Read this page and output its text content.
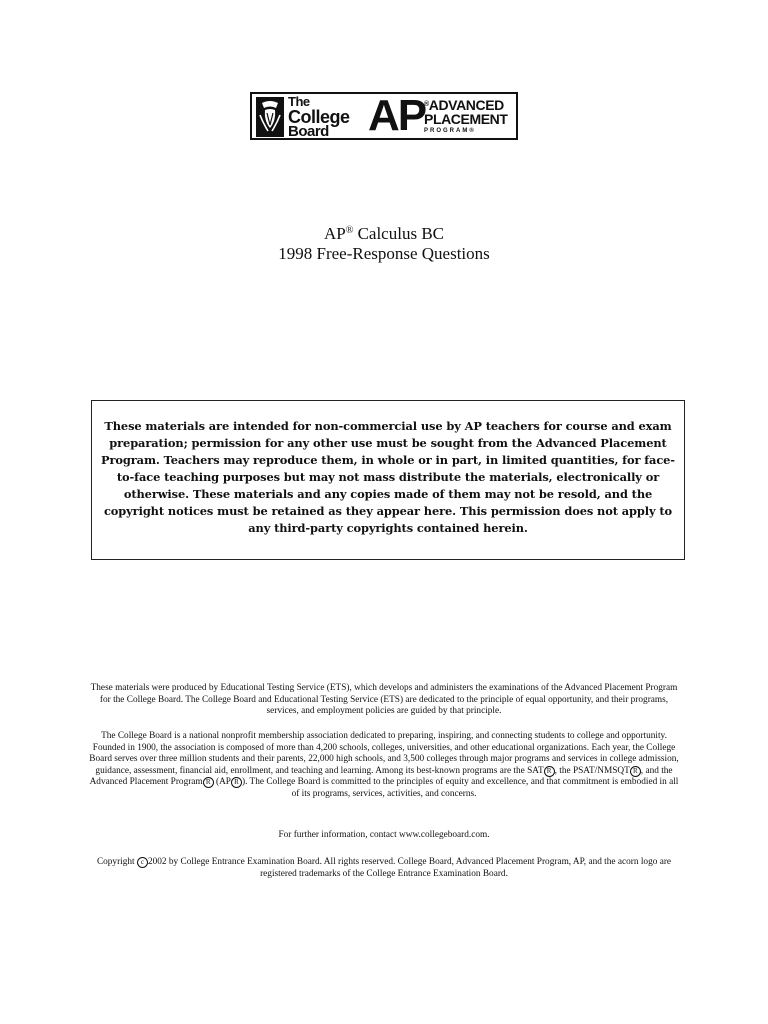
The
College
Board AP
®ADVANCED
PLACEMENT
PROGRAM®
AP® Calculus BC
1998 Free-Response Questions

These materials are intended for non-commercial use by AP teachers for course and exam preparation; permission for any other use must be sought from the Advanced Placement Program. Teachers may reproduce them, in whole or in part, in limited quantities, for face-to-face teaching purposes but may not mass distribute the materials, electronically or otherwise. These materials and any copies made of them may not be resold, and the copyright notices must be retained as they appear here. This permission does not apply to any third-party copyrights contained herein.

These materials were produced by Educational Testing Service (ETS), which develops and administers the examinations of the Advanced Placement Program for the College Board. The College Board and Educational Testing Service (ETS) are dedicated to the principle of equal opportunity, and their programs, services, and employment policies are guided by that principle.
The College Board is a national nonprofit membership association dedicated to preparing, inspiring, and connecting students to college and opportunity. Founded in 1900, the association is composed of more than 4,200 schools, colleges, universities, and other educational organizations. Each year, the College Board serves over three million students and their parents, 22,000 high schools, and 3,500 colleges through major programs and services in college admission, guidance, assessment, financial aid, enrollment, and teaching and learning. Among its best-known programs are the SAT R , the PSAT/NMSQT R , and the Advanced Placement Program R (AP R ). The College Board is committed to the principles of equity and excellence, and that commitment is embodied in all of its programs, services, activities, and concerns.
For further information, contact www.collegeboard.com.
Copyright c 2002 by College Entrance Examination Board. All rights reserved. College Board, Advanced Placement Program, AP, and the acorn logo are registered trademarks of the College Entrance Examination Board.
